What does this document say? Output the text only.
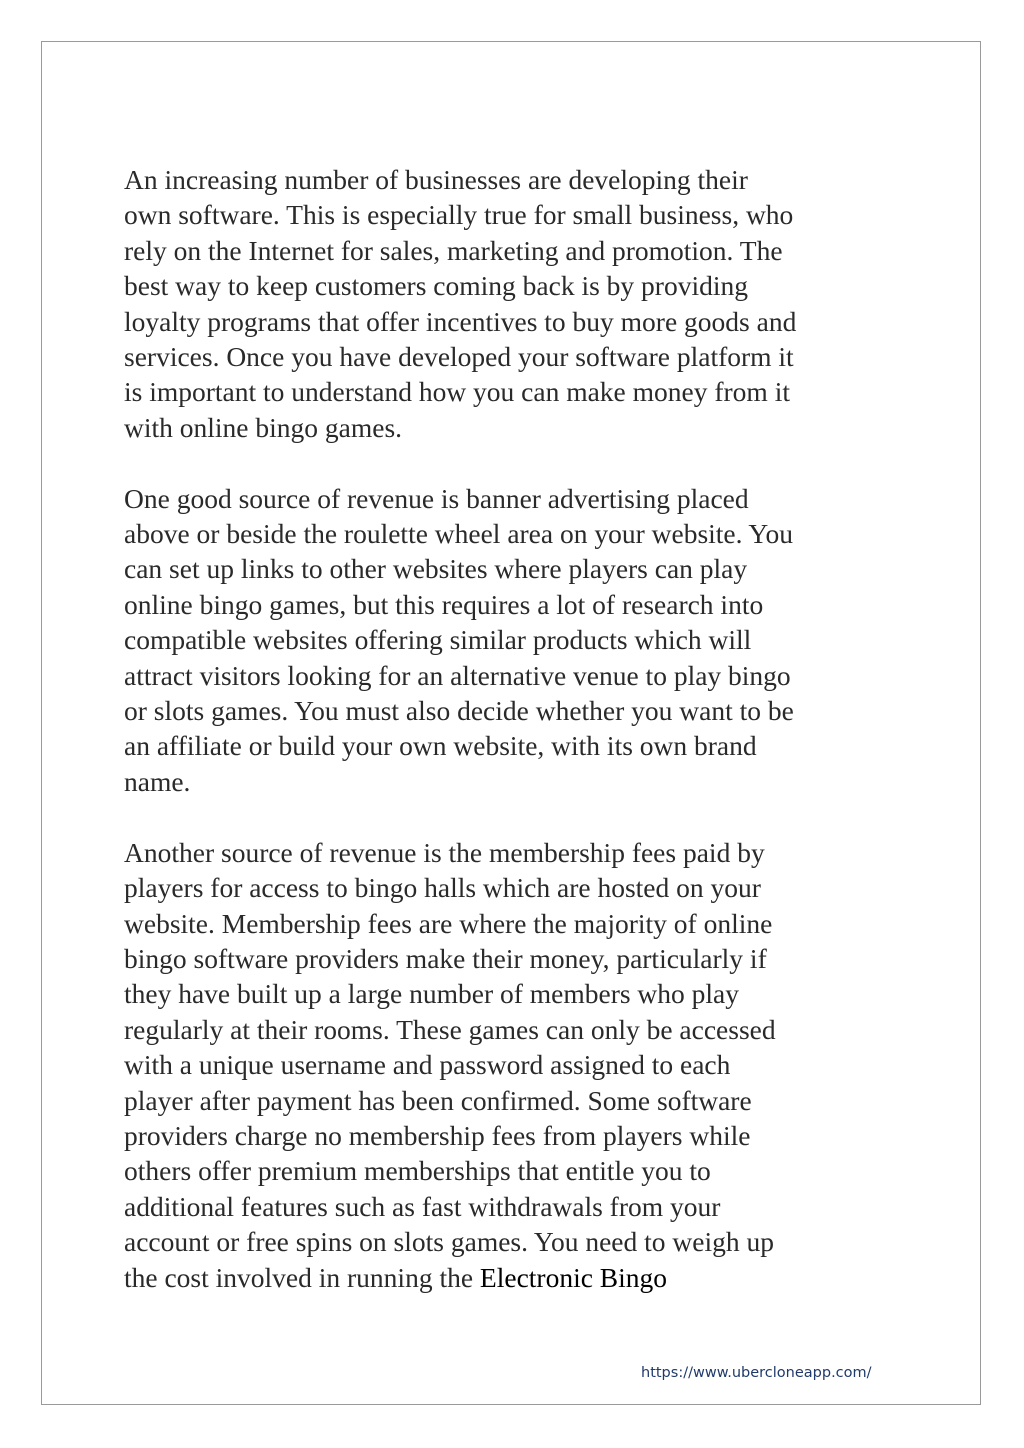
An increasing number of businesses are developing their
own software. This is especially true for small business, who
rely on the Internet for sales, marketing and promotion. The
best way to keep customers coming back is by providing
loyalty programs that offer incentives to buy more goods and
services. Once you have developed your software platform it
is important to understand how you can make money from it
with online bingo games.
One good source of revenue is banner advertising placed
above or beside the roulette wheel area on your website. You
can set up links to other websites where players can play
online bingo games, but this requires a lot of research into
compatible websites offering similar products which will
attract visitors looking for an alternative venue to play bingo
or slots games. You must also decide whether you want to be
an affiliate or build your own website, with its own brand
name.
Another source of revenue is the membership fees paid by
players for access to bingo halls which are hosted on your
website. Membership fees are where the majority of online
bingo software providers make their money, particularly if
they have built up a large number of members who play
regularly at their rooms. These games can only be accessed
with a unique username and password assigned to each
player after payment has been confirmed. Some software
providers charge no membership fees from players while
others offer premium memberships that entitle you to
additional features such as fast withdrawals from your
account or free spins on slots games. You need to weigh up
the cost involved in running the Electronic Bingo
https://www.ubercloneapp.com/
